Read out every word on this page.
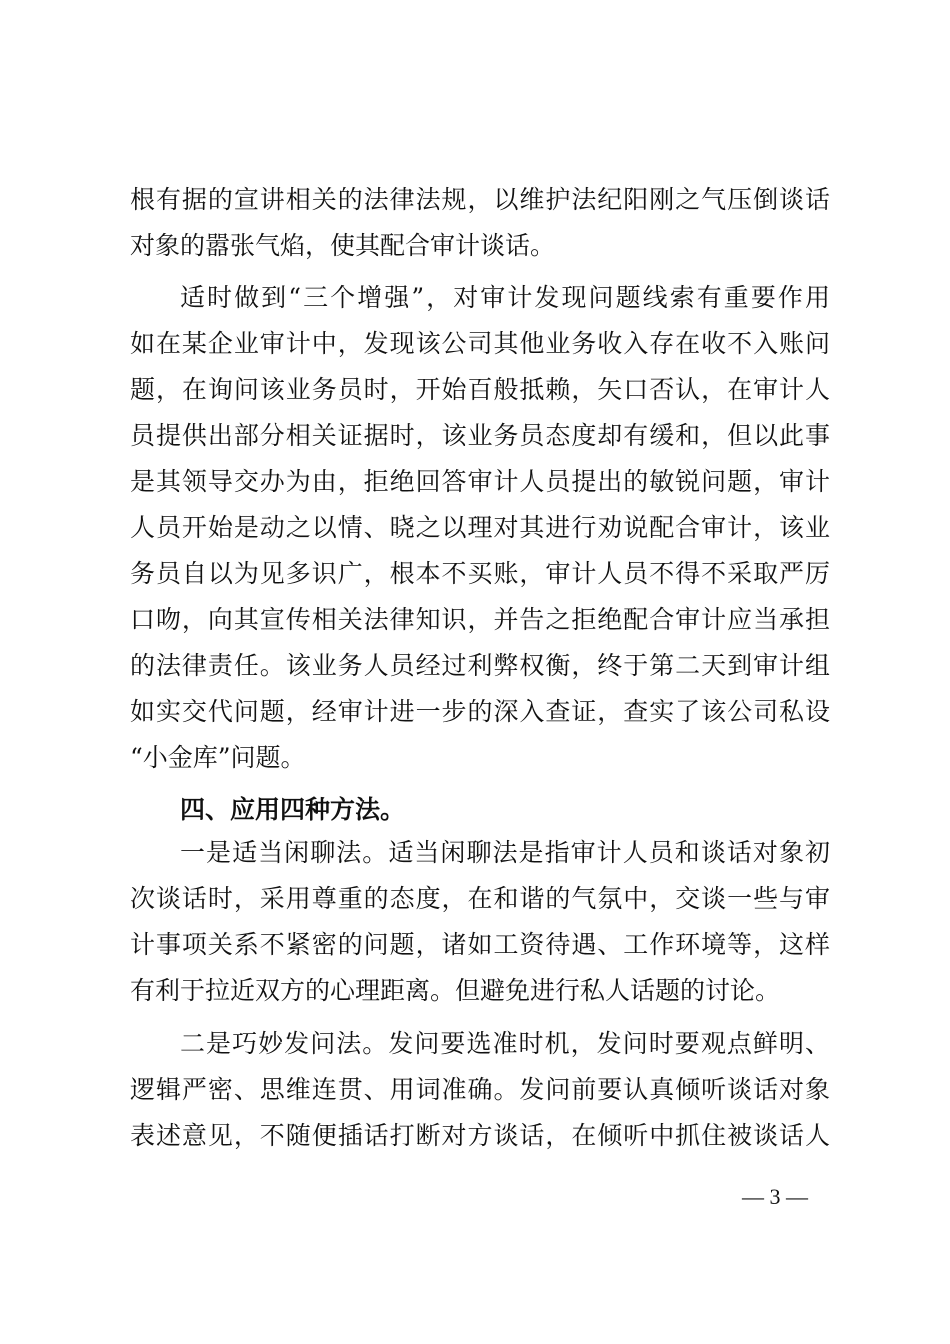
根有据的宣讲相关的法律法规，以维护法纪阳刚之气压倒谈话
对象的嚣张气焰，使其配合审计谈话。
适时做到“三个增强”，对审计发现问题线索有重要作用
如在某企业审计中，发现该公司其他业务收入存在收不入账问
题，在询问该业务员时，开始百般抵赖，矢口否认，在审计人
员提供出部分相关证据时，该业务员态度却有缓和，但以此事
是其领导交办为由，拒绝回答审计人员提出的敏锐问题，审计
人员开始是动之以情、晓之以理对其进行劝说配合审计，该业
务员自以为见多识广，根本不买账，审计人员不得不采取严厉
口吻，向其宣传相关法律知识，并告之拒绝配合审计应当承担
的法律责任。该业务人员经过利弊权衡，终于第二天到审计组
如实交代问题，经审计进一步的深入查证，查实了该公司私设
“小金库”问题。
四、应用四种方法。
一是适当闲聊法。适当闲聊法是指审计人员和谈话对象初
次谈话时，采用尊重的态度，在和谐的气氛中，交谈一些与审
计事项关系不紧密的问题，诸如工资待遇、工作环境等，这样
有利于拉近双方的心理距离。但避免进行私人话题的讨论。
二是巧妙发问法。发问要选准时机，发问时要观点鲜明、
逻辑严密、思维连贯、用词准确。发问前要认真倾听谈话对象
表述意见，不随便插话打断对方谈话，在倾听中抓住被谈话人
— 3 —
